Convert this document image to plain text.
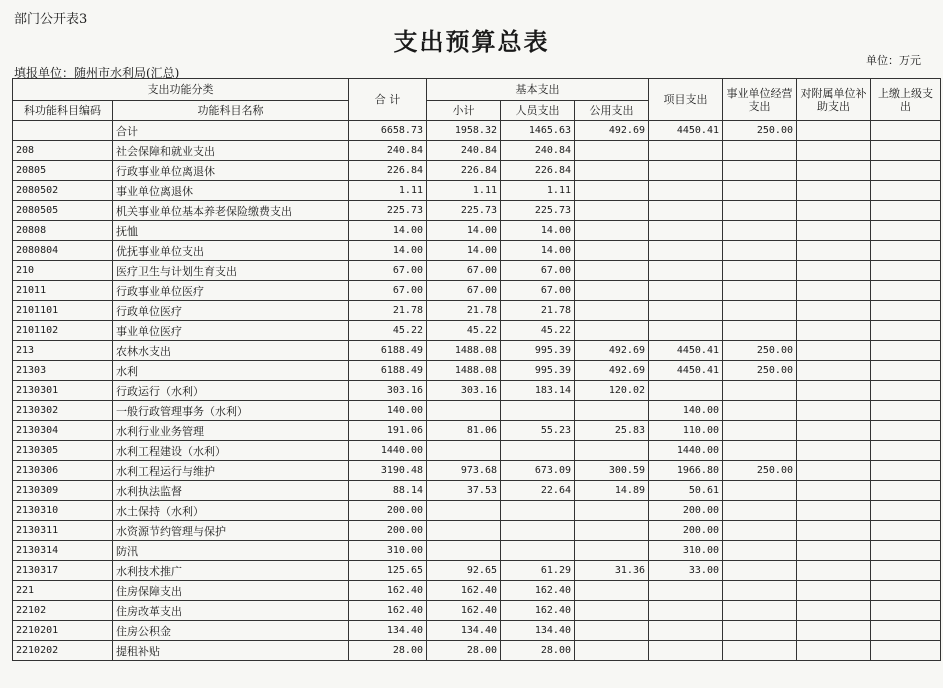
部门公开表3
支出预算总表
单位：万元
填报单位：随州市水利局(汇总)
支出功能分类		合 计	基本支出			项目支出	事业单位经营支出	对附属单位补助支出	上缴上级支出
科功能科目编码	功能科目名称		小计	人员支出	公用支出				
	合计	6658.73	1958.32	1465.63	492.69	4450.41	250.00		
208	社会保障和就业支出	240.84	240.84	240.84					
20805	行政事业单位离退休	226.84	226.84	226.84					
2080502	事业单位离退休	1.11	1.11	1.11					
2080505	机关事业单位基本养老保险缴费支出	225.73	225.73	225.73					
20808	抚恤	14.00	14.00	14.00					
2080804	优抚事业单位支出	14.00	14.00	14.00					
210	医疗卫生与计划生育支出	67.00	67.00	67.00					
21011	行政事业单位医疗	67.00	67.00	67.00					
2101101	行政单位医疗	21.78	21.78	21.78					
2101102	事业单位医疗	45.22	45.22	45.22					
213	农林水支出	6188.49	1488.08	995.39	492.69	4450.41	250.00		
21303	水利	6188.49	1488.08	995.39	492.69	4450.41	250.00		
2130301	行政运行（水利）	303.16	303.16	183.14	120.02				
2130302	一般行政管理事务（水利）	140.00				140.00			
2130304	水利行业业务管理	191.06	81.06	55.23	25.83	110.00			
2130305	水利工程建设（水利）	1440.00				1440.00			
2130306	水利工程运行与维护	3190.48	973.68	673.09	300.59	1966.80	250.00		
2130309	水利执法监督	88.14	37.53	22.64	14.89	50.61			
2130310	水土保持（水利）	200.00				200.00			
2130311	水资源节约管理与保护	200.00				200.00			
2130314	防汛	310.00				310.00			
2130317	水利技术推广	125.65	92.65	61.29	31.36	33.00			
221	住房保障支出	162.40	162.40	162.40					
22102	住房改革支出	162.40	162.40	162.40					
2210201	住房公积金	134.40	134.40	134.40					
2210202	提租补贴	28.00	28.00	28.00					
